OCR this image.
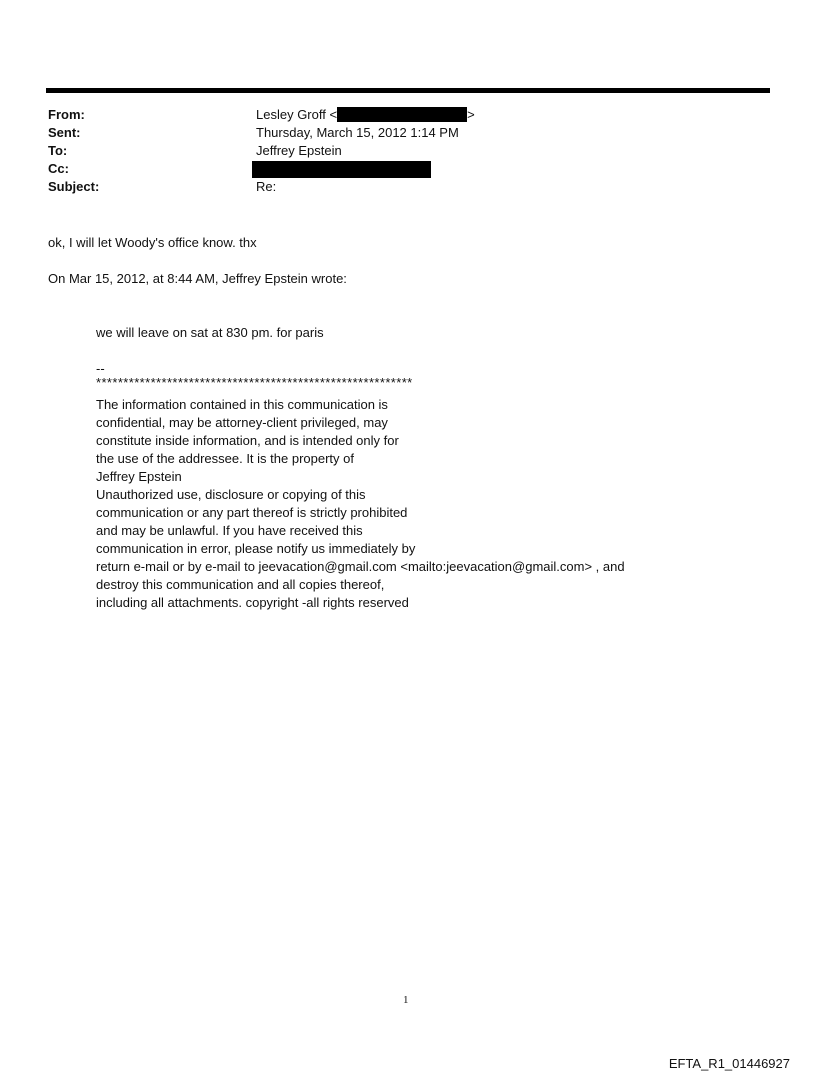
From:	Lesley Groff <	>
Sent:	Thursday, March 15, 2012 1:14 PM
To:	Jeffrey Epstein
Cc:
Subject:	Re:
ok, I will let Woody's office know. thx
On Mar 15, 2012, at 8:44 AM, Jeffrey Epstein wrote:
we will leave on sat at 830 pm. for paris
--
**********************************************************
The information contained in this communication is
confidential, may be attorney-client privileged, may
constitute inside information, and is intended only for
the use of the addressee. It is the property of
Jeffrey Epstein
Unauthorized use, disclosure or copying of this
communication or any part thereof is strictly prohibited
and may be unlawful. If you have received this
communication in error, please notify us immediately by
return e-mail or by e-mail to jeevacation@gmail.com <mailto:jeevacation@gmail.com> , and
destroy this communication and all copies thereof,
including all attachments. copyright -all rights reserved
1
EFTA_R1_01446927
